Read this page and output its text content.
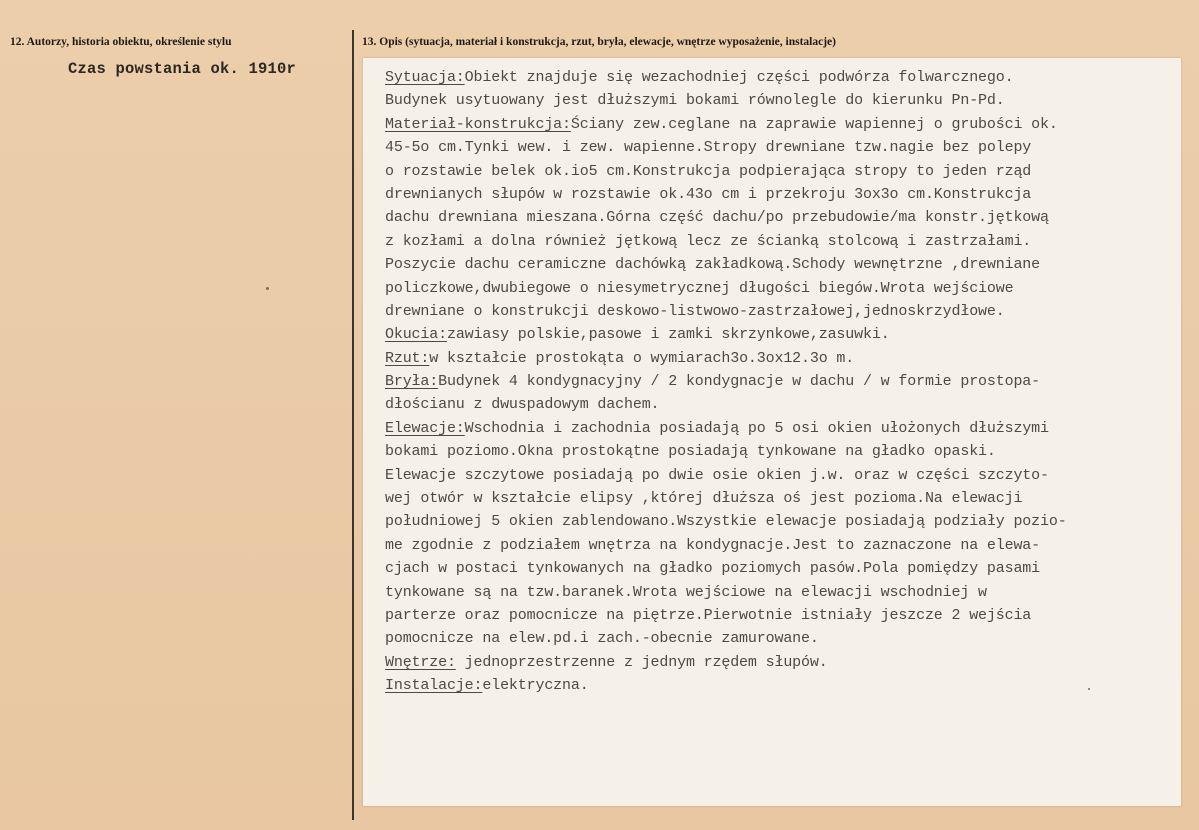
12. Autorzy, historia obiektu, określenie stylu
Czas powstania ok. 1910r
13. Opis (sytuacja, materiał i konstrukcja, rzut, bryła, elewacje, wnętrze wyposażenie, instalacje)
Sytuacja:Obiekt znajduje się wezachodniej części podwórza folwarcznego.
Budynek usytuowany jest dłuższymi bokami równolegle do kierunku Pn-Pd.
Materiał-konstrukcja:Ściany zew.ceglane na zaprawie wapiennej o grubości ok.
45-5o cm.Tynki wew. i zew. wapienne.Stropy drewniane tzw.nagie bez polepy
o rozstawie belek ok.io5 cm.Konstrukcja podpierająca stropy to jeden rząd
drewnianych słupów w rozstawie ok.43o cm i przekroju 3ox3o cm.Konstrukcja
dachu drewniana mieszana.Górna część dachu/po przebudowie/ma konstr.jętkową
z kozłami a dolna również jętkową lecz ze ścianką stolcową i zastrzałami.
Poszycie dachu ceramiczne dachówką zakładkową.Schody wewnętrzne ,drewniane
policzkowe,dwubiegowe o niesymetrycznej długości biegów.Wrota wejściowe
drewniane o konstrukcji deskowo-listwowo-zastrzałowej,jednoskrzydłowe.
Okucia:zawiasy polskie,pasowe i zamki skrzynkowe,zasuwki.
Rzut:w kształcie prostokąta o wymiarach3o.3ox12.3o m.
Bryła:Budynek 4 kondygnacyjny / 2 kondygnacje w dachu / w formie prostopa-
dłościanu z dwuspadowym dachem.
Elewacje:Wschodnia i zachodnia posiadają po 5 osi okien ułożonych dłuższymi
bokami poziomo.Okna prostokątne posiadają tynkowane na gładko opaski.
Elewacje szczytowe posiadają po dwie osie okien j.w. oraz w części szczyto-
wej otwór w kształcie elipsy ,której dłuższa oś jest pozioma.Na elewacji
południowej 5 okien zablendowano.Wszystkie elewacje posiadają podziały pozio-
me zgodnie z podziałem wnętrza na kondygnacje.Jest to zaznaczone na elewa-
cjach w postaci tynkowanych na gładko poziomych pasów.Pola pomiędzy pasami
tynkowane są na tzw.baranek.Wrota wejściowe na elewacji wschodniej w
parterze oraz pomocnicze na piętrze.Pierwotnie istniały jeszcze 2 wejścia
pomocnicze na elew.pd.i zach.-obecnie zamurowane.
Wnętrze: jednoprzestrzenne z jednym rzędem słupów.
Instalacje:elektryczna.
